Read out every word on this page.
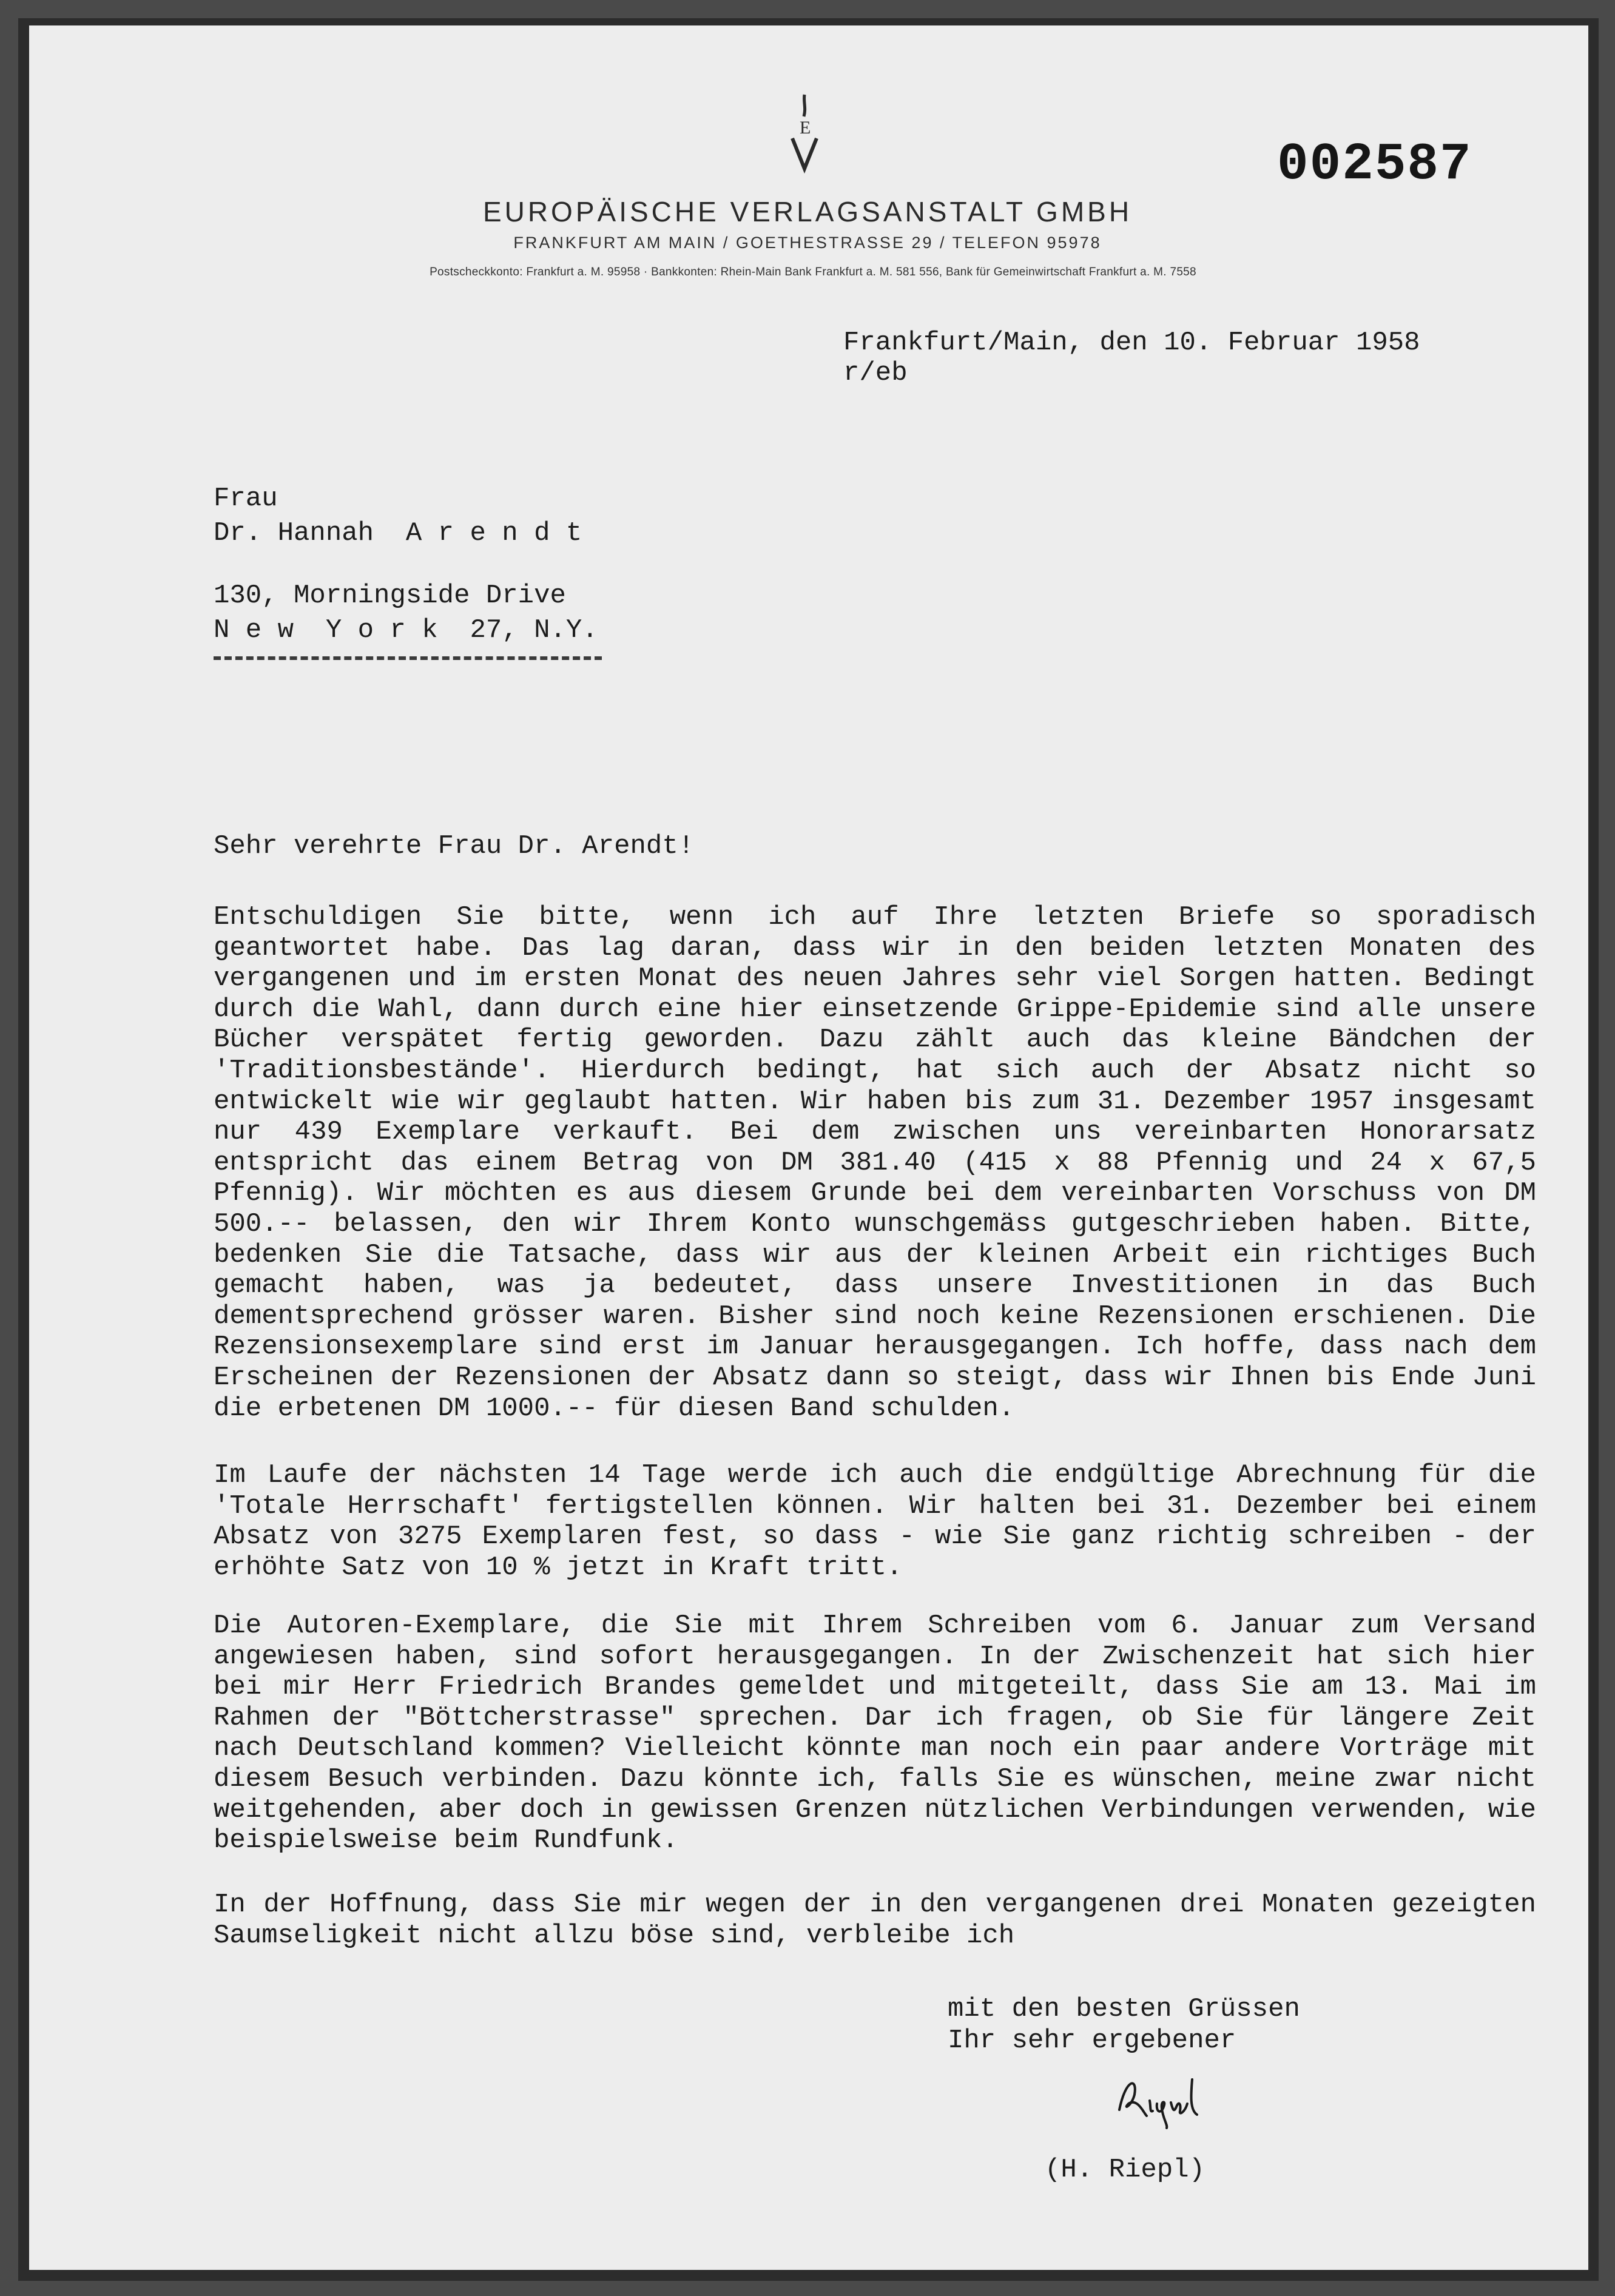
002587
E
EUROPÄISCHE VERLAGSANSTALT GMBH
FRANKFURT AM MAIN / GOETHESTRASSE 29 / TELEFON 95978
Postscheckkonto: Frankfurt a. M. 95958 · Bankkonten: Rhein-Main Bank Frankfurt a. M. 581 556, Bank für Gemeinwirtschaft Frankfurt a. M. 7558
Frankfurt/Main, den 10. Februar 1958
r/eb
Frau
Dr. Hannah  A r e n d t
130, Morningside Drive
N e w  Y o r k  27, N.Y.
Sehr verehrte Frau Dr. Arendt!
Entschuldigen Sie bitte, wenn ich auf Ihre letzten Briefe so sporadisch geantwortet habe. Das lag daran, dass wir in den beiden letzten Monaten des vergangenen und im ersten Monat des neuen Jahres sehr viel Sorgen hatten. Bedingt durch die Wahl, dann durch eine hier einsetzende Grippe-Epidemie sind alle unsere Bücher verspätet fertig geworden. Dazu zählt auch das kleine Bändchen der 'Traditionsbestände'. Hierdurch bedingt, hat sich auch der Absatz nicht so entwickelt wie wir geglaubt hatten. Wir haben bis zum 31. Dezember 1957 insgesamt nur 439 Exemplare verkauft. Bei dem zwischen uns vereinbarten Honorarsatz entspricht das einem Betrag von DM 381.40 (415 x 88 Pfennig und 24 x 67,5 Pfennig). Wir möchten es aus diesem Grunde bei dem vereinbarten Vorschuss von DM 500.-- belassen, den wir Ihrem Konto wunschgemäss gutgeschrieben haben. Bitte, bedenken Sie die Tatsache, dass wir aus der kleinen Arbeit ein richtiges Buch gemacht haben, was ja bedeutet, dass unsere Investitionen in das Buch dementsprechend grösser waren. Bisher sind noch keine Rezensionen erschienen. Die Rezensionsexemplare sind erst im Januar herausgegangen. Ich hoffe, dass nach dem Erscheinen der Rezensionen der Absatz dann so steigt, dass wir Ihnen bis Ende Juni die erbetenen DM 1000.-- für diesen Band schulden.
Im Laufe der nächsten 14 Tage werde ich auch die endgültige Abrechnung für die 'Totale Herrschaft' fertigstellen können. Wir halten bei 31. Dezember bei einem Absatz von 3275 Exemplaren fest, so dass - wie Sie ganz richtig schreiben - der erhöhte Satz von 10 % jetzt in Kraft tritt.
Die Autoren-Exemplare, die Sie mit Ihrem Schreiben vom 6. Januar zum Versand angewiesen haben, sind sofort herausgegangen. In der Zwischenzeit hat sich hier bei mir Herr Friedrich Brandes gemeldet und mitgeteilt, dass Sie am 13. Mai im Rahmen der "Böttcherstrasse" sprechen. Dar ich fragen, ob Sie für längere Zeit nach Deutschland kommen? Vielleicht könnte man noch ein paar andere Vorträge mit diesem Besuch verbinden. Dazu könnte ich, falls Sie es wünschen, meine zwar nicht weitgehenden, aber doch in gewissen Grenzen nützlichen Verbindungen verwenden, wie beispielsweise beim Rundfunk.
In der Hoffnung, dass Sie mir wegen der in den vergangenen drei Monaten gezeigten Saumseligkeit nicht allzu böse sind, verbleibe ich
mit den besten Grüssen
Ihr sehr ergebener
(H. Riepl)
